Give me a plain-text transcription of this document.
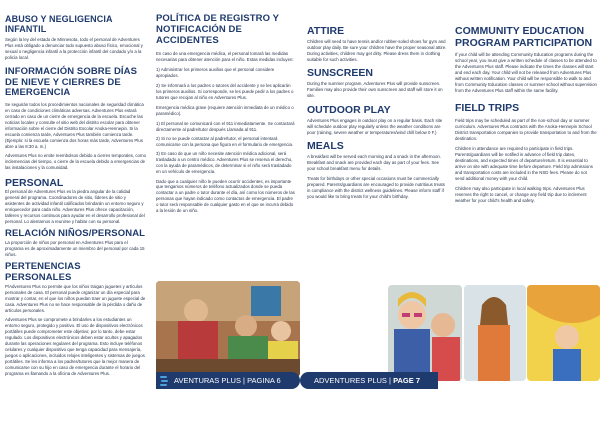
ABUSO Y NEGLIGENCIA INFANTIL

Según la ley del estado de Minnesota, todo el personal de Adventures Plus está obligado a denunciar todo supuesto abuso físico, emocional y sexual o negligencia infantil a la protección infantil del condado y/o a la policía local.

INFORMACIÓN SOBRE DÍAS DE NIEVE Y CIERRES DE EMERGENCIA

Se seguirán todos los procedimientos nacionales de seguridad climática en caso de condiciones climáticas adversas. Adventures Plus estará cerrado en caso de un cierre de emergencia de la escuela. Escuche las noticias locales y consulte el sitio web del distrito escolar para obtener información sobre el cierre del Distrito Escolar Anoka-Hennepin. Si la escuela comienza tarde, Adventures Plus también comienza tarde. (Ejemplo: si la escuela comienza dos horas más tarde, Adventures Plus abre a las 8:30 a. m.)

Adventures Plus no emite reembolsos debido a cierres temporales, como inclemencias del tiempo, o cierre de la escuela debido a emergencias de las instalaciones y la comunidad.

PERSONAL

El personal de Adventures Plus es la piedra angular de la calidad general del programa. Coordinadores de sitio, líderes de sitio y asistentes de actividad infantil calificados brindarán un entorno seguro y enriquecedor para cada niño. Adventures Plus ofrece capacitación, talleres y recursos continuos para ayudar en el desarrollo profesional del personal. Lo alentamos a reunirse y hablar con su personal.

RELACIÓN NIÑOS/PERSONAL

La proporción de niños por personal en Adventures Plus para el programa es de aproximadamente un miembro del personal por cada 15 niños.

PERTENENCIAS PERSONALES

P/Adventures Plus no permite que los niños traigan juguetes y artículos personales de casa. El personal puede organizar un día especial para mostrar y contar, en el que los niños puedan traer un juguete especial de casa. Adventures Plus no se hace responsable de la pérdida o daño de artículos personales.

Adventures Plus se compromete a brindarles a los estudiantes un entorno seguro, protegido y positivo. El uso de dispositivos electrónicos portátiles puede comprometer este objetivo; por lo tanto, debe estar regulado. Los dispositivos electrónicos deben estar ocultos y apagados durante las operaciones regulares del programa. Esto incluye teléfonos celulares y cualquier dispositivo que tenga capacidad para mensajería, juegos o aplicaciones, incluidos relojes inteligentes y sistemas de juegos portátiles. Se les informa a los padres/tutores que la mejor manera de comunicarse con su hijo en caso de emergencia durante el horario del programa es llamando a la oficina de Adventures Plus.

POLÍTICA DE REGISTRO Y NOTIFICACIÓN DE ACCIDENTES

En caso de una emergencia médica, el personal tomará las medidas necesarias para obtener atención para el niño. Estas medidas incluyen:

1) Administrar los primeros auxilios que el personal considere apropiados.

2) Se informará a los padres o tutores del accidente y se les aplicarán los primeros auxilios. Si corresponde, se les puede pedir a los padres o tutores que recojan al niño en Adventures Plus.

Emergencia médica grave (requiere atención inmediata de un médico o paramédico).

1) El personal se comunicará con el 911 inmediatamente. Se contactará directamente al padre/tutor después Llamada al 911.

2) Si no se puede contactar al padre/tutor, el personal intentará comunicarse con la persona que figura en el formulario de emergencia.

3) En caso de que un niño necesite atención médica adicional, será trasladado a un centro médico. Adventures Plus se reserva el derecho, con la ayuda de paramédicos, de determinar si el niño será trasladado en un vehículo de emergencia.

Dado que a cualquier niño le pueden ocurrir accidentes, es importante que tengamos números de teléfono actualizados donde se pueda contactar a un padre o tutor durante el día, así como los números de las personas que hayan indicado como contactos de emergencia. El padre o tutor será responsable de cualquier gasto en el que se incurra debido a la lesión de un niño.

ATTIRE

Children will need to have tennis and/or rubber-soled shoes for gym and outdoor play daily. Be sure your children have the proper seasonal attire. During activities, children may get dirty. Please dress them in clothing suitable for such activities.

SUNSCREEN

During the summer program, Adventures Plus will provide sunscreen. Families may also provide their own sunscreen and staff will store it on site.

OUTDOOR PLAY

Adventures Plus engages in outdoor play on a regular basis. Each site will schedule outdoor play regularly unless the weather conditions are poor (raining, severe weather or temperatures/wind chill below 0 F.)

MEALS

A breakfast will be served each morning and a snack in the afternoon. Breakfast and snack are provided each day as part of your fees. See your school breakfast menu for details.

Treats for birthdays or other special occasions must be commercially prepared. Parents/guardians are encouraged to provide nutritious treats in compliance with the district wellness guidelines. Please inform staff if you would like to bring treats for your child's birthday.

COMMUNITY EDUCATION PROGRAM PARTICIPATION

If your child will be attending Community Education programs during the school year, you must give a written schedule of classes to be attended to the Adventures Plus staff. Please indicate the times the classes will start and end each day. Your child will not be released from Adventures Plus without written notification. Your child will be responsible to walk to and from Community Education classes or summer school without supervision from the Adventures Plus staff within the same facility.

FIELD TRIPS

Field trips may be scheduled as part of the non-school day or summer curriculum. Adventures Plus contracts with the Anoka-Hennepin School District transportation companies to provide transportation to and from the destination.

Children in attendance are required to participate in field trips. Parents/guardians will be notified in advance of field trip dates, destinations, and expected times of departure/return. It is essential to arrive on site with adequate time before departure. Field trip admissions and transportation costs are included in the NSD fees. Please do not send additional money with your child.

Children may also participate in local walking trips. Adventures Plus reserves the right to cancel, or change any field trip due to inclement weather for your child's health and safety.

AVENTURAS PLUS | PAGINA 6	ADVENTURES PLUS | PAGE 7
